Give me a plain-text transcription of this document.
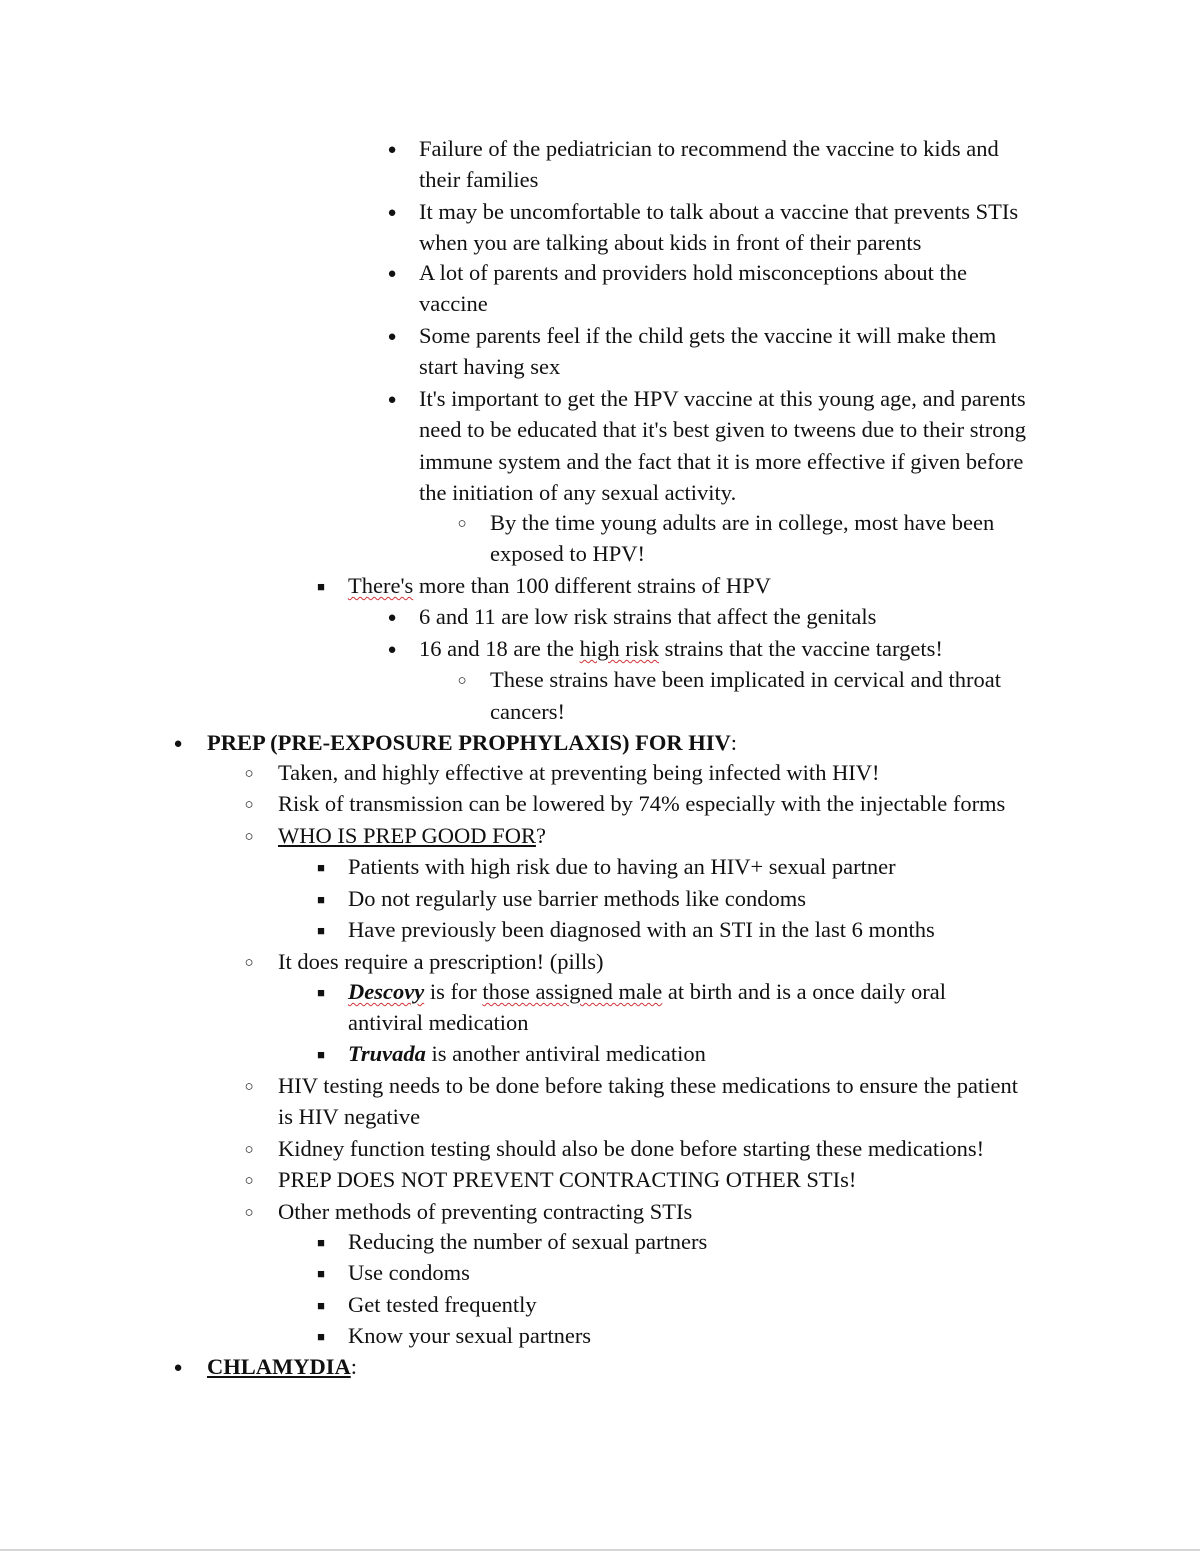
●

Failure of the pediatrician to recommend the vaccine to kids and

their families

●

It may be uncomfortable to talk about a vaccine that prevents STIs

when you are talking about kids in front of their parents

●

A lot of parents and providers hold misconceptions about the

vaccine

●

Some parents feel if the child gets the vaccine it will make them

start having sex

●

It's important to get the HPV vaccine at this young age, and parents

need to be educated that it's best given to tweens due to their strong

immune system and the fact that it is more effective if given before

the initiation of any sexual activity.

○

By the time young adults are in college, most have been

exposed to HPV!

■

There's more than 100 different strains of HPV

●

6 and 11 are low risk strains that affect the genitals

●

16 and 18 are the high risk strains that the vaccine targets!

○

These strains have been implicated in cervical and throat

cancers!

●

PREP (PRE-EXPOSURE PROPHYLAXIS) FOR HIV:

○

Taken, and highly effective at preventing being infected with HIV!

○

Risk of transmission can be lowered by 74% especially with the injectable forms

○

WHO IS PREP GOOD FOR?

■

Patients with high risk due to having an HIV+ sexual partner

■

Do not regularly use barrier methods like condoms

■

Have previously been diagnosed with an STI in the last 6 months

○

It does require a prescription! (pills)

■

Descovy is for those assigned male at birth and is a once daily oral

antiviral medication

■

Truvada is another antiviral medication

○

HIV testing needs to be done before taking these medications to ensure the patient

is HIV negative

○

Kidney function testing should also be done before starting these medications!

○

PREP DOES NOT PREVENT CONTRACTING OTHER STIs!

○

Other methods of preventing contracting STIs

■

Reducing the number of sexual partners

■

Use condoms

■

Get tested frequently

■

Know your sexual partners

●

CHLAMYDIA:
